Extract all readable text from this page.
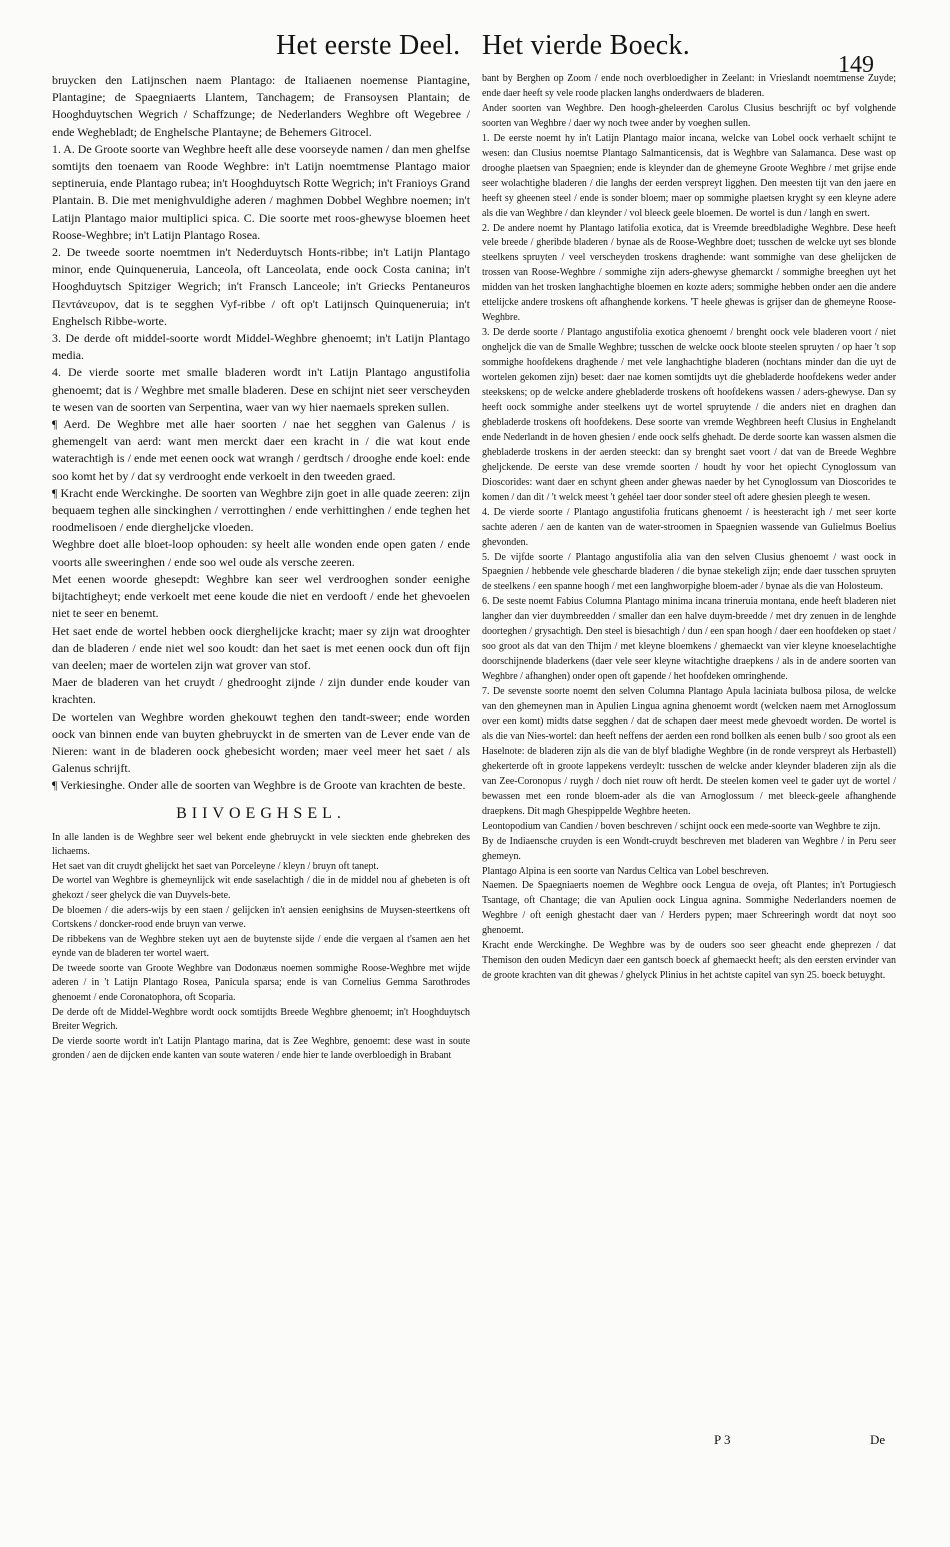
Het eerste Deel. Het vierde Boeck.
149

bruycken den Latijnschen naem Plantago: de Italiaenen noemense Piantagine, Plantagine; de Spaegniaerts Llantem, Tanchagem; de Fransoysen Plantain; de Hooghduytschen Wegrich / Schaffzunge; de Nederlanders Weghbre oft Wegebree / ende Weghebladt; de Enghelsche Plantayne; de Behemers Gitrocel.

1. A. De Groote soorte van Weghbre heeft alle dese voorseyde namen / dan men ghelfse somtijts den toenaem van Roode Weghbre: in't Latijn noemtmense Plantago maior septineruia, ende Plantago rubea; in't Hooghduytsch Rotte Wegrich; in't Franioys Grand Plantain. B. Die met menighvuldighe aderen / maghmen Dobbel Weghbre noemen; in't Latijn Plantago maior multiplici spica. C. Die soorte met roos-ghewyse bloemen heet Roose-Weghbre; in't Latijn Plantago Rosea.

2. De tweede soorte noemtmen in't Nederduytsch Honts-ribbe; in't Latijn Plantago minor, ende Quinqueneruia, Lanceola, oft Lanceolata, ende oock Costa canina; in't Hooghduytsch Spitziger Wegrich; in't Fransch Lanceole; in't Griecks Pentaneuros Πεντάνευρον, dat is te segghen Vyf-ribbe / oft op't Latijnsch Quinqueneruia; in't Enghelsch Ribbe-worte.

3. De derde oft middel-soorte wordt Middel-Weghbre ghenoemt; in't Latijn Plantago media.

4. De vierde soorte met smalle bladeren wordt in't Latijn Plantago angustifolia ghenoemt; dat is / Weghbre met smalle bladeren. Dese en schijnt niet seer verscheyden te wesen van de soorten van Serpentina, waer van wy hier naemaels spreken sullen.

¶ Aerd. De Weghbre met alle haer soorten / nae het segghen van Galenus / is ghemengelt van aerd: want men merckt daer een kracht in / die wat kout ende waterachtigh is / ende met eenen oock wat wrangh / gerdtsch / drooghe ende koel: ende soo komt het by / dat sy verdrooght ende verkoelt in den tweeden graed.

¶ Kracht ende Werckinghe. De soorten van Weghbre zijn goet in alle quade zeeren: zijn bequaem teghen alle sinckinghen / verrottinghen / ende verhittinghen / ende teghen het roodmelisoen / ende diergheljcke vloeden.

Weghbre doet alle bloet-loop ophouden: sy heelt alle wonden ende open gaten / ende voorts alle sweeringhen / ende soo wel oude als versche zeeren.

Met eenen woorde ghesepdt: Weghbre kan seer wel verdrooghen sonder eenighe bijtachtigheyt; ende verkoelt met eene koude die niet en verdooft / ende het ghevoelen niet te seer en benemt.

Het saet ende de wortel hebben oock dierghelijcke kracht; maer sy zijn wat drooghter dan de bladeren / ende niet wel soo koudt: dan het saet is met eenen oock dun oft fijn van deelen; maer de wortelen zijn wat grover van stof.

Maer de bladeren van het cruydt / ghedrooght zijnde / zijn dunder ende kouder van krachten.

De wortelen van Weghbre worden ghekouwt teghen den tandt-sweer; ende worden oock van binnen ende van buyten ghebruyckt in de smerten van de Lever ende van de Nieren: want in de bladeren oock ghebesicht worden; maer veel meer het saet / als Galenus schrijft.

¶ Verkiesinghe. Onder alle de soorten van Weghbre is de Groote van krachten de beste.

BIIVOEGHSEL.

In alle landen is de Weghbre seer wel bekent ende ghebruyckt in vele sieckten ende ghebreken des lichaems.

Het saet van dit cruydt ghelijckt het saet van Porceleyne / kleyn / bruyn oft tanept.

De wortel van Weghbre is ghemeynlijck wit ende saselachtigh / die in de middel nou af ghebeten is oft ghekozt / seer ghelyck die van Duyvels-bete.

De bloemen / die aders-wijs by een staen / gelijcken in't aensien eenighsins de Muysen-steertkens oft Cortskens / doncker-rood ende bruyn van verwe.

De ribbekens van de Weghbre steken uyt aen de buytenste sijde / ende die vergaen al t'samen aen het eynde van de bladeren ter wortel waert.

De tweede soorte van Groote Weghbre van Dodonæus noemen sommighe Roose-Weghbre met wijde aderen / in 't Latijn Plantago Rosea, Panicula sparsa; ende is van Cornelius Gemma Sarothrodes ghenoemt / ende Coronatophora, oft Scoparia.

De derde oft de Middel-Weghbre wordt oock somtijdts Breede Weghbre ghenoemt; in't Hooghduytsch Breiter Wegrich.

De vierde soorte wordt in't Latijn Plantago marina, dat is Zee Weghbre, genoemt: dese wast in soute gronden / aen de dijcken ende kanten van soute wateren / ende hier te lande overbloedigh in Brabant

bant by Berghen op Zoom / ende noch overbloedigher in Zeelant: in Vrieslandt noemtmense Zuyde; ende daer heeft sy vele roode placken langhs onderdwaers de bladeren.

Ander soorten van Weghbre. Den hoogh-gheleerden Carolus Clusius beschrijft oc byf volghende soorten van Weghbre / daer wy noch twee ander by voeghen sullen.

1. De eerste noemt hy in't Latijn Plantago maior incana, welcke van Lobel oock verhaelt schijnt te wesen: dan Clusius noemtse Plantago Salmanticensis, dat is Weghbre van Salamanca. Dese wast op drooghe plaetsen van Spaegnien; ende is kleynder dan de ghemeyne Groote Weghbre / met grijse ende seer wolachtighe bladeren / die langhs der eerden verspreyt ligghen. Den meesten tijt van den jaere en heeft sy gheenen steel / ende is sonder bloem; maer op sommighe plaetsen kryght sy een kleyne adere als die van Weghbre / dan kleynder / vol bleeck geele bloemen. De wortel is dun / langh en swert.

2. De andere noemt hy Plantago latifolia exotica, dat is Vreemde breedbladighe Weghbre. Dese heeft vele breede / gheribde bladeren / bynae als de Roose-Weghbre doet; tusschen de welcke uyt ses blonde steelkens spruyten / veel verscheyden troskens draghende: want sommighe van dese ghelijcken de trossen van Roose-Weghbre / sommighe zijn aders-ghewyse ghemarckt / sommighe breeghen uyt het midden van het trosken langhachtighe bloemen en kozte aders; sommighe hebben onder aen die andere ettelijcke andere troskens oft afhanghende korkens. 'T heele ghewas is grijser dan de ghemeyne Roose-Weghbre.

3. De derde soorte / Plantago angustifolia exotica ghenoemt / brenght oock vele bladeren voort / niet ongheljck die van de Smalle Weghbre; tusschen de welcke oock bloote steelen spruyten / op haer 't sop sommighe hoofdekens draghende / met vele langhachtighe bladeren (nochtans minder dan die uyt de wortelen gekomen zijn) beset: daer nae komen somtijdts uyt die ghebladerde hoofdekens weder ander steekskens; op de welcke andere ghebladerde troskens oft hoofdekens wassen / aders-ghewyse. Dan sy heeft oock sommighe ander steelkens uyt de wortel spruytende / die anders niet en draghen dan ghebladerde troskens oft hoofdekens. Dese soorte van vremde Weghbreen heeft Clusius in Enghelandt ende Nederlandt in de hoven ghesien / ende oock selfs ghehadt. De derde soorte kan wassen alsmen die ghebladerde troskens in der aerden steeckt: dan sy brenght saet voort / dat van de Breede Weghbre gheljckende. De eerste van dese vremde soorten / houdt hy voor het opiecht Cynoglossum van Dioscorides: want daer en schynt gheen ander ghewas naeder by het Cynoglossum van Dioscorides te komen / dan dit / 't welck meest 't gehéel taer door sonder steel oft adere ghesien pleegh te wesen.

4. De vierde soorte / Plantago angustifolia fruticans ghenoemt / is heesteracht igh / met seer korte sachte aderen / aen de kanten van de water-stroomen in Spaegnien wassende van Gulielmus Boelius ghevonden.

5. De vijfde soorte / Plantago angustifolia alia van den selven Clusius ghenoemt / wast oock in Spaegnien / hebbende vele ghescharde bladeren / die bynae stekeligh zijn; ende daer tusschen spruyten de steelkens / een spanne hoogh / met een langhworpighe bloem-ader / bynae als die van Holosteum.

6. De seste noemt Fabius Columna Plantago minima incana trineruia montana, ende heeft bladeren niet langher dan vier duymbreedden / smaller dan een halve duym-breedde / met dry zenuen in de lenghde doorteghen / grysachtigh. Den steel is biesachtigh / dun / een span hoogh / daer een hoofdeken op staet / soo groot als dat van den Thijm / met kleyne bloemkens / ghemaeckt van vier kleyne knoeselachtighe doorschijnende bladerkens (daer vele seer kleyne witachtighe draepkens / als in de andere soorten van Weghbre / afhanghen) onder open oft gapende / het hoofdeken omringhende.

7. De sevenste soorte noemt den selven Columna Plantago Apula laciniata bulbosa pilosa, de welcke van den ghemeynen man in Apulien Lingua agnina ghenoemt wordt (welcken naem met Arnoglossum over een komt) midts datse segghen / dat de schapen daer meest mede ghevoedt worden. De wortel is als die van Nies-wortel: dan heeft neffens der aerden een rond bollken als eenen bulb / soo groot als een Haselnote: de bladeren zijn als die van de blyf bladighe Weghbre (in de ronde verspreyt als Herbastell) ghekerterde oft in groote lappekens verdeylt: tusschen de welcke ander kleynder bladeren zijn als die van Zee-Coronopus / ruygh / doch niet rouw oft herdt. De steelen komen veel te gader uyt de wortel / bewassen met een ronde bloem-ader als die van Arnoglossum / met bleeck-geele afhanghende draepkens. Dit magh Ghespippelde Weghbre heeten.

Leontopodium van Candien / boven beschreven / schijnt oock een mede-soorte van Weghbre te zijn.

By de Indiaensche cruyden is een Wondt-cruydt beschreven met bladeren van Weghbre / in Peru seer ghemeyn.

Plantago Alpina is een soorte van Nardus Celtica van Lobel beschreven.

Naemen. De Spaegniaerts noemen de Weghbre oock Lengua de oveja, oft Plantes; in't Portugiesch Tsantage, oft Chantage; die van Apulien oock Lingua agnina. Sommighe Nederlanders noemen de Weghbre / oft eenigh ghestacht daer van / Herders pypen; maer Schreeringh wordt dat noyt soo ghenoemt.

Kracht ende Werckinghe. De Weghbre was by de ouders soo seer gheacht ende gheprezen / dat Themison den ouden Medicyn daer een gantsch boeck af ghemaeckt heeft; als den eersten ervinder van de groote krachten van dit ghewas / ghelyck Plinius in het achtste capitel van syn 25. boeck betuyght.

P 3	De
